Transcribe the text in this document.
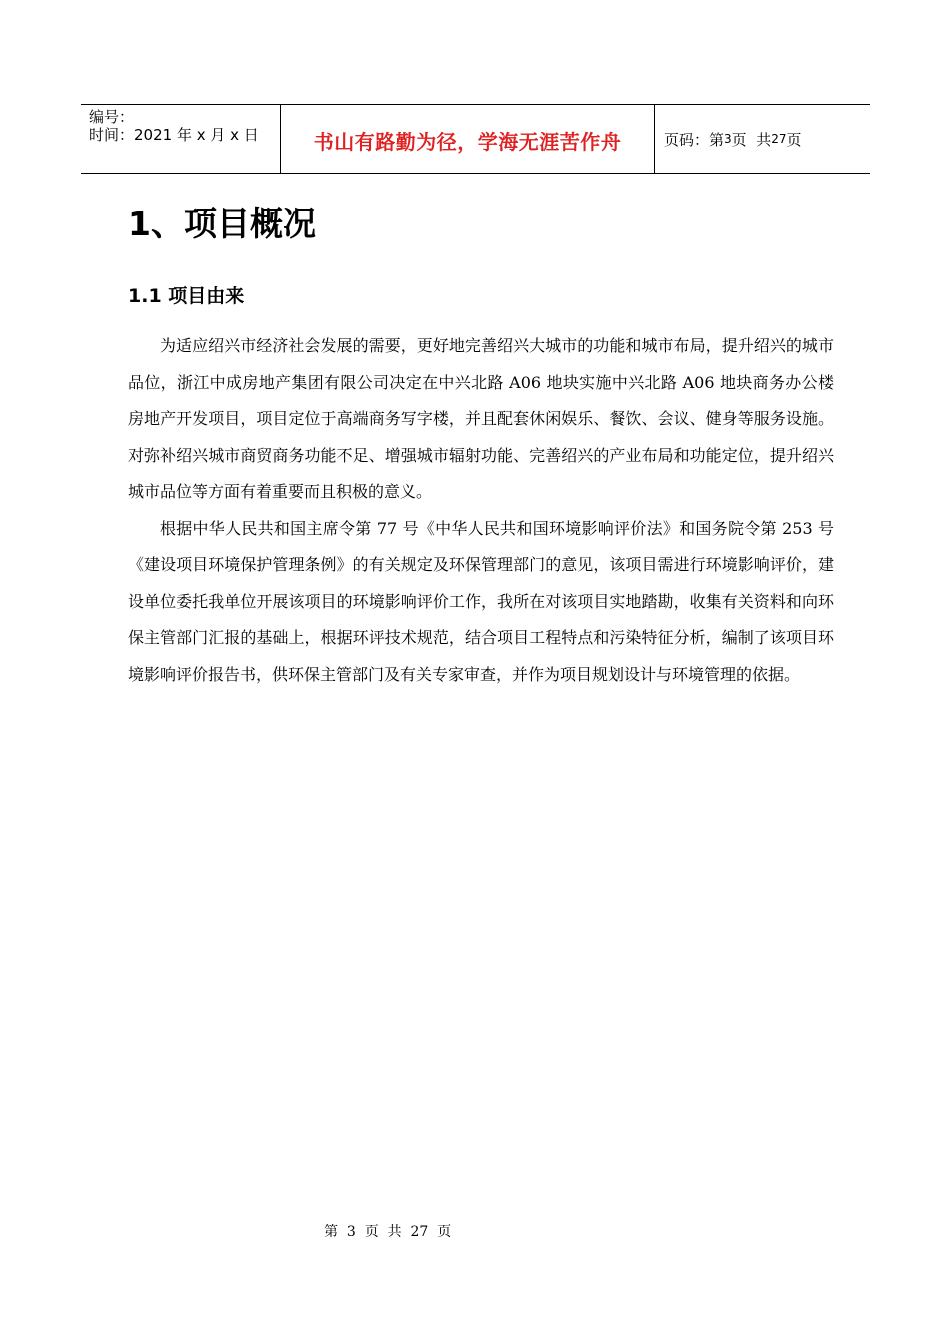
编号：
时间：2021 年 x 月 x 日	书山有路勤为径，学海无涯苦作舟	页码：第 3 页  共 27 页
1、项目概况
1.1 项目由来

为适应绍兴市经济社会发展的需要，更好地完善绍兴大城市的功能和城市布局，提升绍兴的城市品位，浙江中成房地产集团有限公司决定在中兴北路 A06 地块实施中兴北路 A06 地块商务办公楼房地产开发项目，项目定位于高端商务写字楼，并且配套休闲娱乐、餐饮、会议、健身等服务设施。对弥补绍兴城市商贸商务功能不足、增强城市辐射功能、完善绍兴的产业布局和功能定位，提升绍兴城市品位等方面有着重要而且积极的意义。

根据中华人民共和国主席令第 77 号《中华人民共和国环境影响评价法》和国务院令第 253 号《建设项目环境保护管理条例》的有关规定及环保管理部门的意见，该项目需进行环境影响评价，建设单位委托我单位开展该项目的环境影响评价工作，我所在对该项目实地踏勘，收集有关资料和向环保主管部门汇报的基础上，根据环评技术规范，结合项目工程特点和污染特征分析，编制了该项目环境影响评价报告书，供环保主管部门及有关专家审查，并作为项目规划设计与环境管理的依据。

第  3  页  共  27  页
